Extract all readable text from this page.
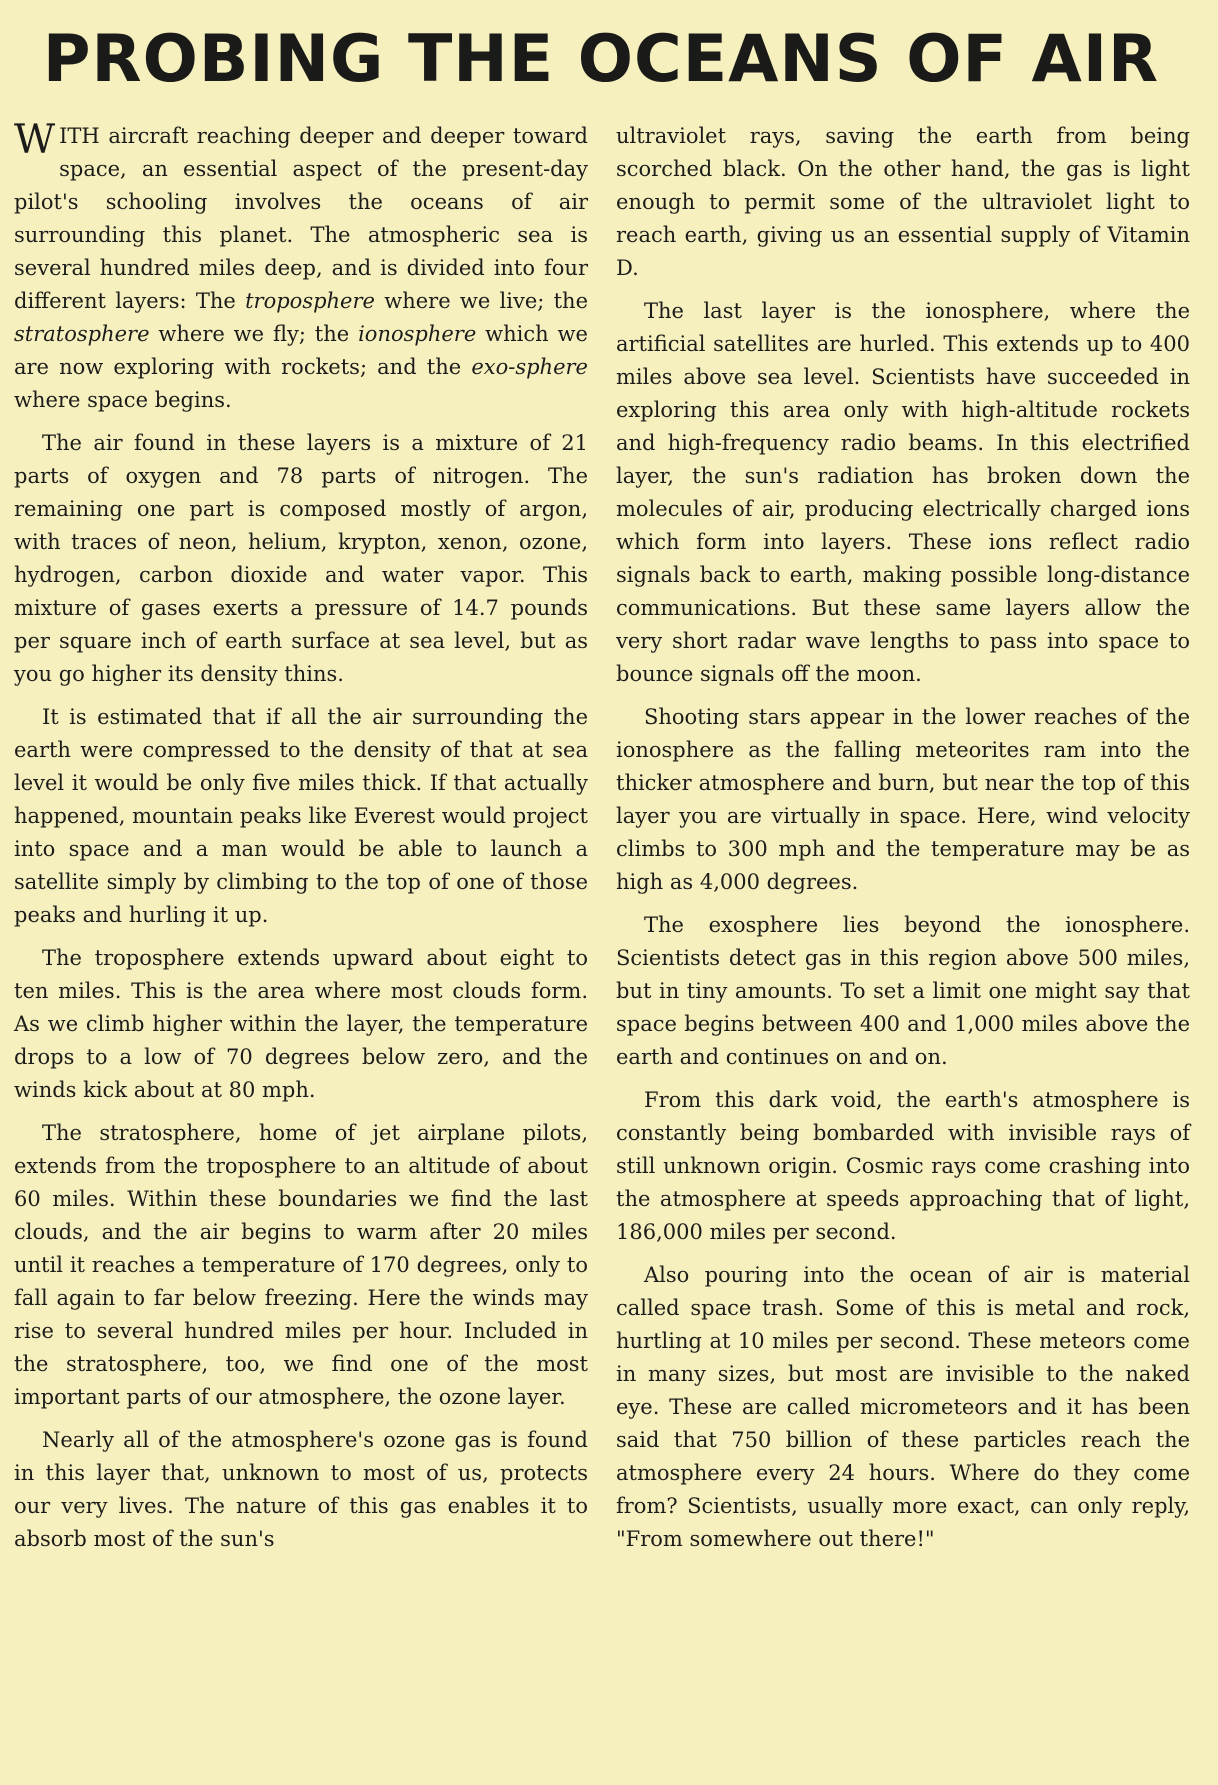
PROBING THE OCEANS OF AIR

WITH aircraft reaching deeper and deeper toward space, an essential aspect of the present-day pilot's schooling involves the oceans of air surrounding this planet. The atmospheric sea is several hundred miles deep, and is divided into four different layers: The troposphere where we live; the stratosphere where we fly; the ionosphere which we are now exploring with rockets; and the exo-sphere where space begins.

The air found in these layers is a mixture of 21 parts of oxygen and 78 parts of nitrogen. The remaining one part is composed mostly of argon, with traces of neon, helium, krypton, xenon, ozone, hydrogen, carbon dioxide and water vapor. This mixture of gases exerts a pressure of 14.7 pounds per square inch of earth surface at sea level, but as you go higher its density thins.

It is estimated that if all the air surrounding the earth were compressed to the density of that at sea level it would be only five miles thick. If that actually happened, mountain peaks like Everest would project into space and a man would be able to launch a satellite simply by climbing to the top of one of those peaks and hurling it up.

The troposphere extends upward about eight to ten miles. This is the area where most clouds form. As we climb higher within the layer, the temperature drops to a low of 70 degrees below zero, and the winds kick about at 80 mph.

The stratosphere, home of jet airplane pilots, extends from the troposphere to an altitude of about 60 miles. Within these boundaries we find the last clouds, and the air begins to warm after 20 miles until it reaches a temperature of 170 degrees, only to fall again to far below freezing. Here the winds may rise to several hundred miles per hour. Included in the stratosphere, too, we find one of the most important parts of our atmosphere, the ozone layer.

Nearly all of the atmosphere's ozone gas is found in this layer that, unknown to most of us, protects our very lives. The nature of this gas enables it to absorb most of the sun's

ultraviolet rays, saving the earth from being scorched black. On the other hand, the gas is light enough to permit some of the ultraviolet light to reach earth, giving us an essential supply of Vitamin D.

The last layer is the ionosphere, where the artificial satellites are hurled. This extends up to 400 miles above sea level. Scientists have succeeded in exploring this area only with high-altitude rockets and high-frequency radio beams. In this electrified layer, the sun's radiation has broken down the molecules of air, producing electrically charged ions which form into layers. These ions reflect radio signals back to earth, making possible long-distance communications. But these same layers allow the very short radar wave lengths to pass into space to bounce signals off the moon.

Shooting stars appear in the lower reaches of the ionosphere as the falling meteorites ram into the thicker atmosphere and burn, but near the top of this layer you are virtually in space. Here, wind velocity climbs to 300 mph and the temperature may be as high as 4,000 degrees.

The exosphere lies beyond the ionosphere. Scientists detect gas in this region above 500 miles, but in tiny amounts. To set a limit one might say that space begins between 400 and 1,000 miles above the earth and continues on and on.

From this dark void, the earth's atmosphere is constantly being bombarded with invisible rays of still unknown origin. Cosmic rays come crashing into the atmosphere at speeds approaching that of light, 186,000 miles per second.

Also pouring into the ocean of air is material called space trash. Some of this is metal and rock, hurtling at 10 miles per second. These meteors come in many sizes, but most are invisible to the naked eye. These are called micrometeors and it has been said that 750 billion of these particles reach the atmosphere every 24 hours. Where do they come from? Scientists, usually more exact, can only reply, "From somewhere out there!"
